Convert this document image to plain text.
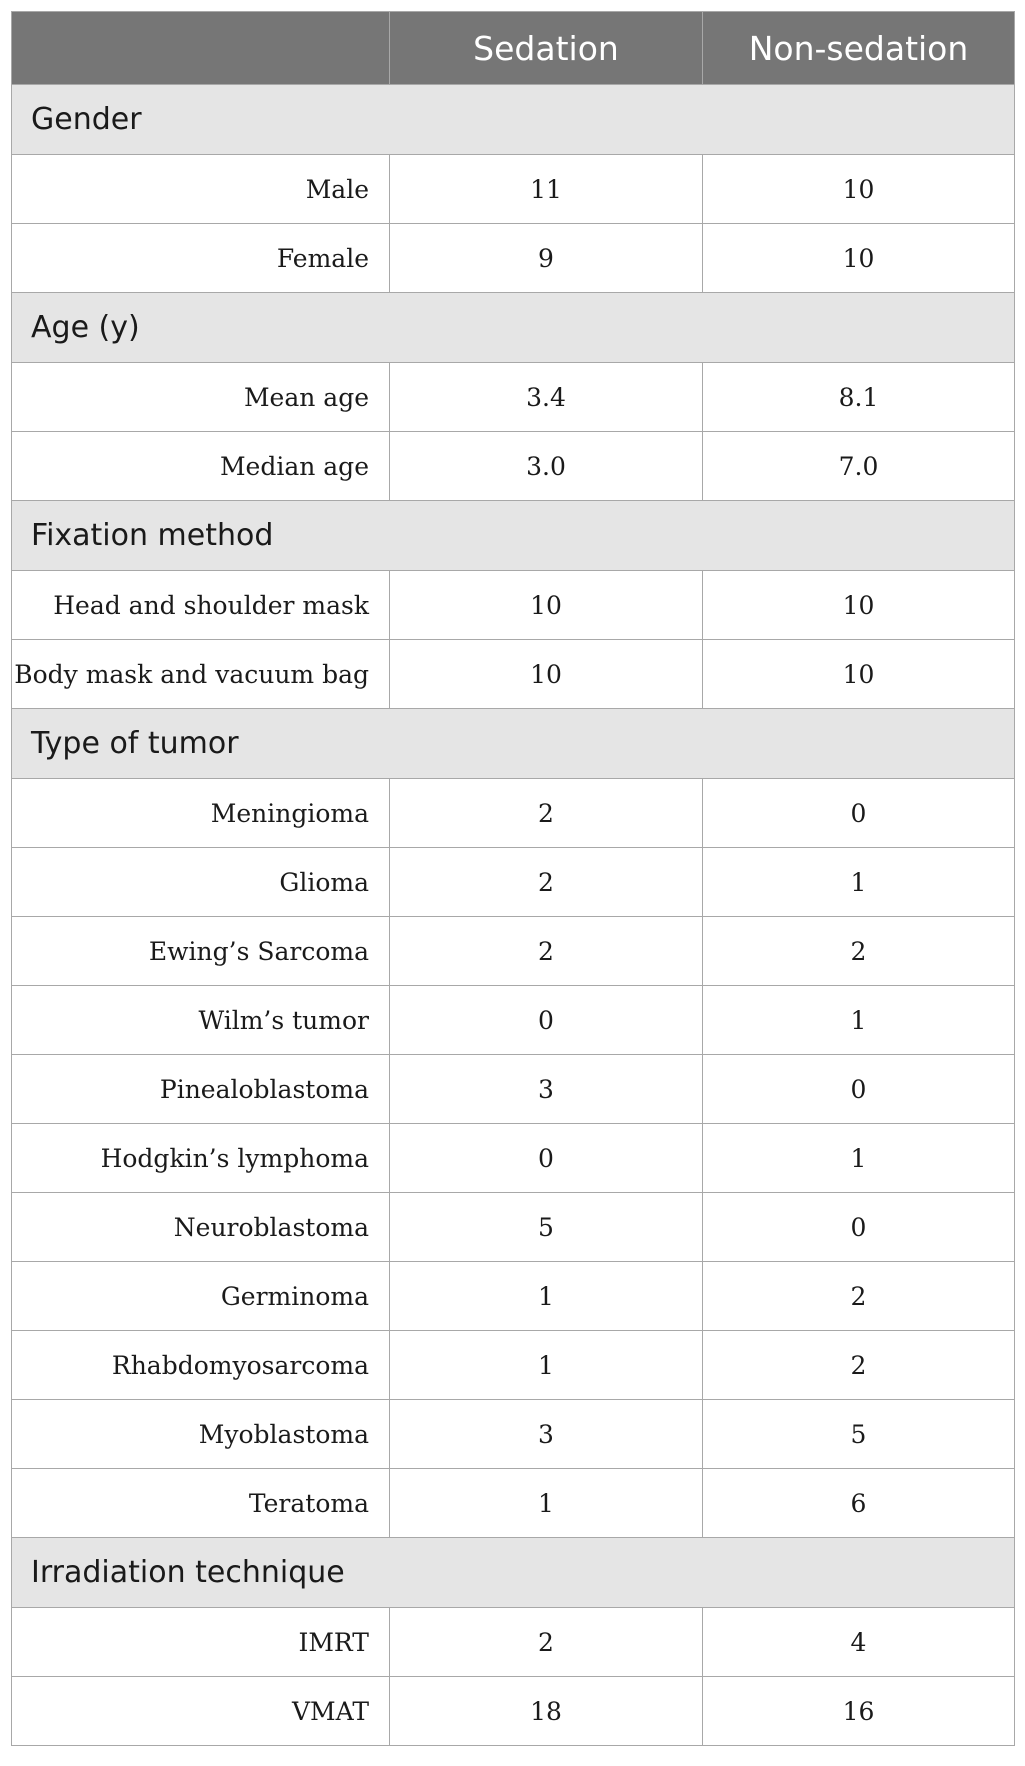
	Sedation	Non-sedation
Gender		
Male	11	10
Female	9	10
Age (y)		
Mean age	3.4	8.1
Median age	3.0	7.0
Fixation method		
Head and shoulder mask	10	10
Body mask and vacuum bag	10	10
Type of tumor		
Meningioma	2	0
Glioma	2	1
Ewing’s Sarcoma	2	2
Wilm’s tumor	0	1
Pinealoblastoma	3	0
Hodgkin’s lymphoma	0	1
Neuroblastoma	5	0
Germinoma	1	2
Rhabdomyosarcoma	1	2
Myoblastoma	3	5
Teratoma	1	6
Irradiation technique		
IMRT	2	4
VMAT	18	16
